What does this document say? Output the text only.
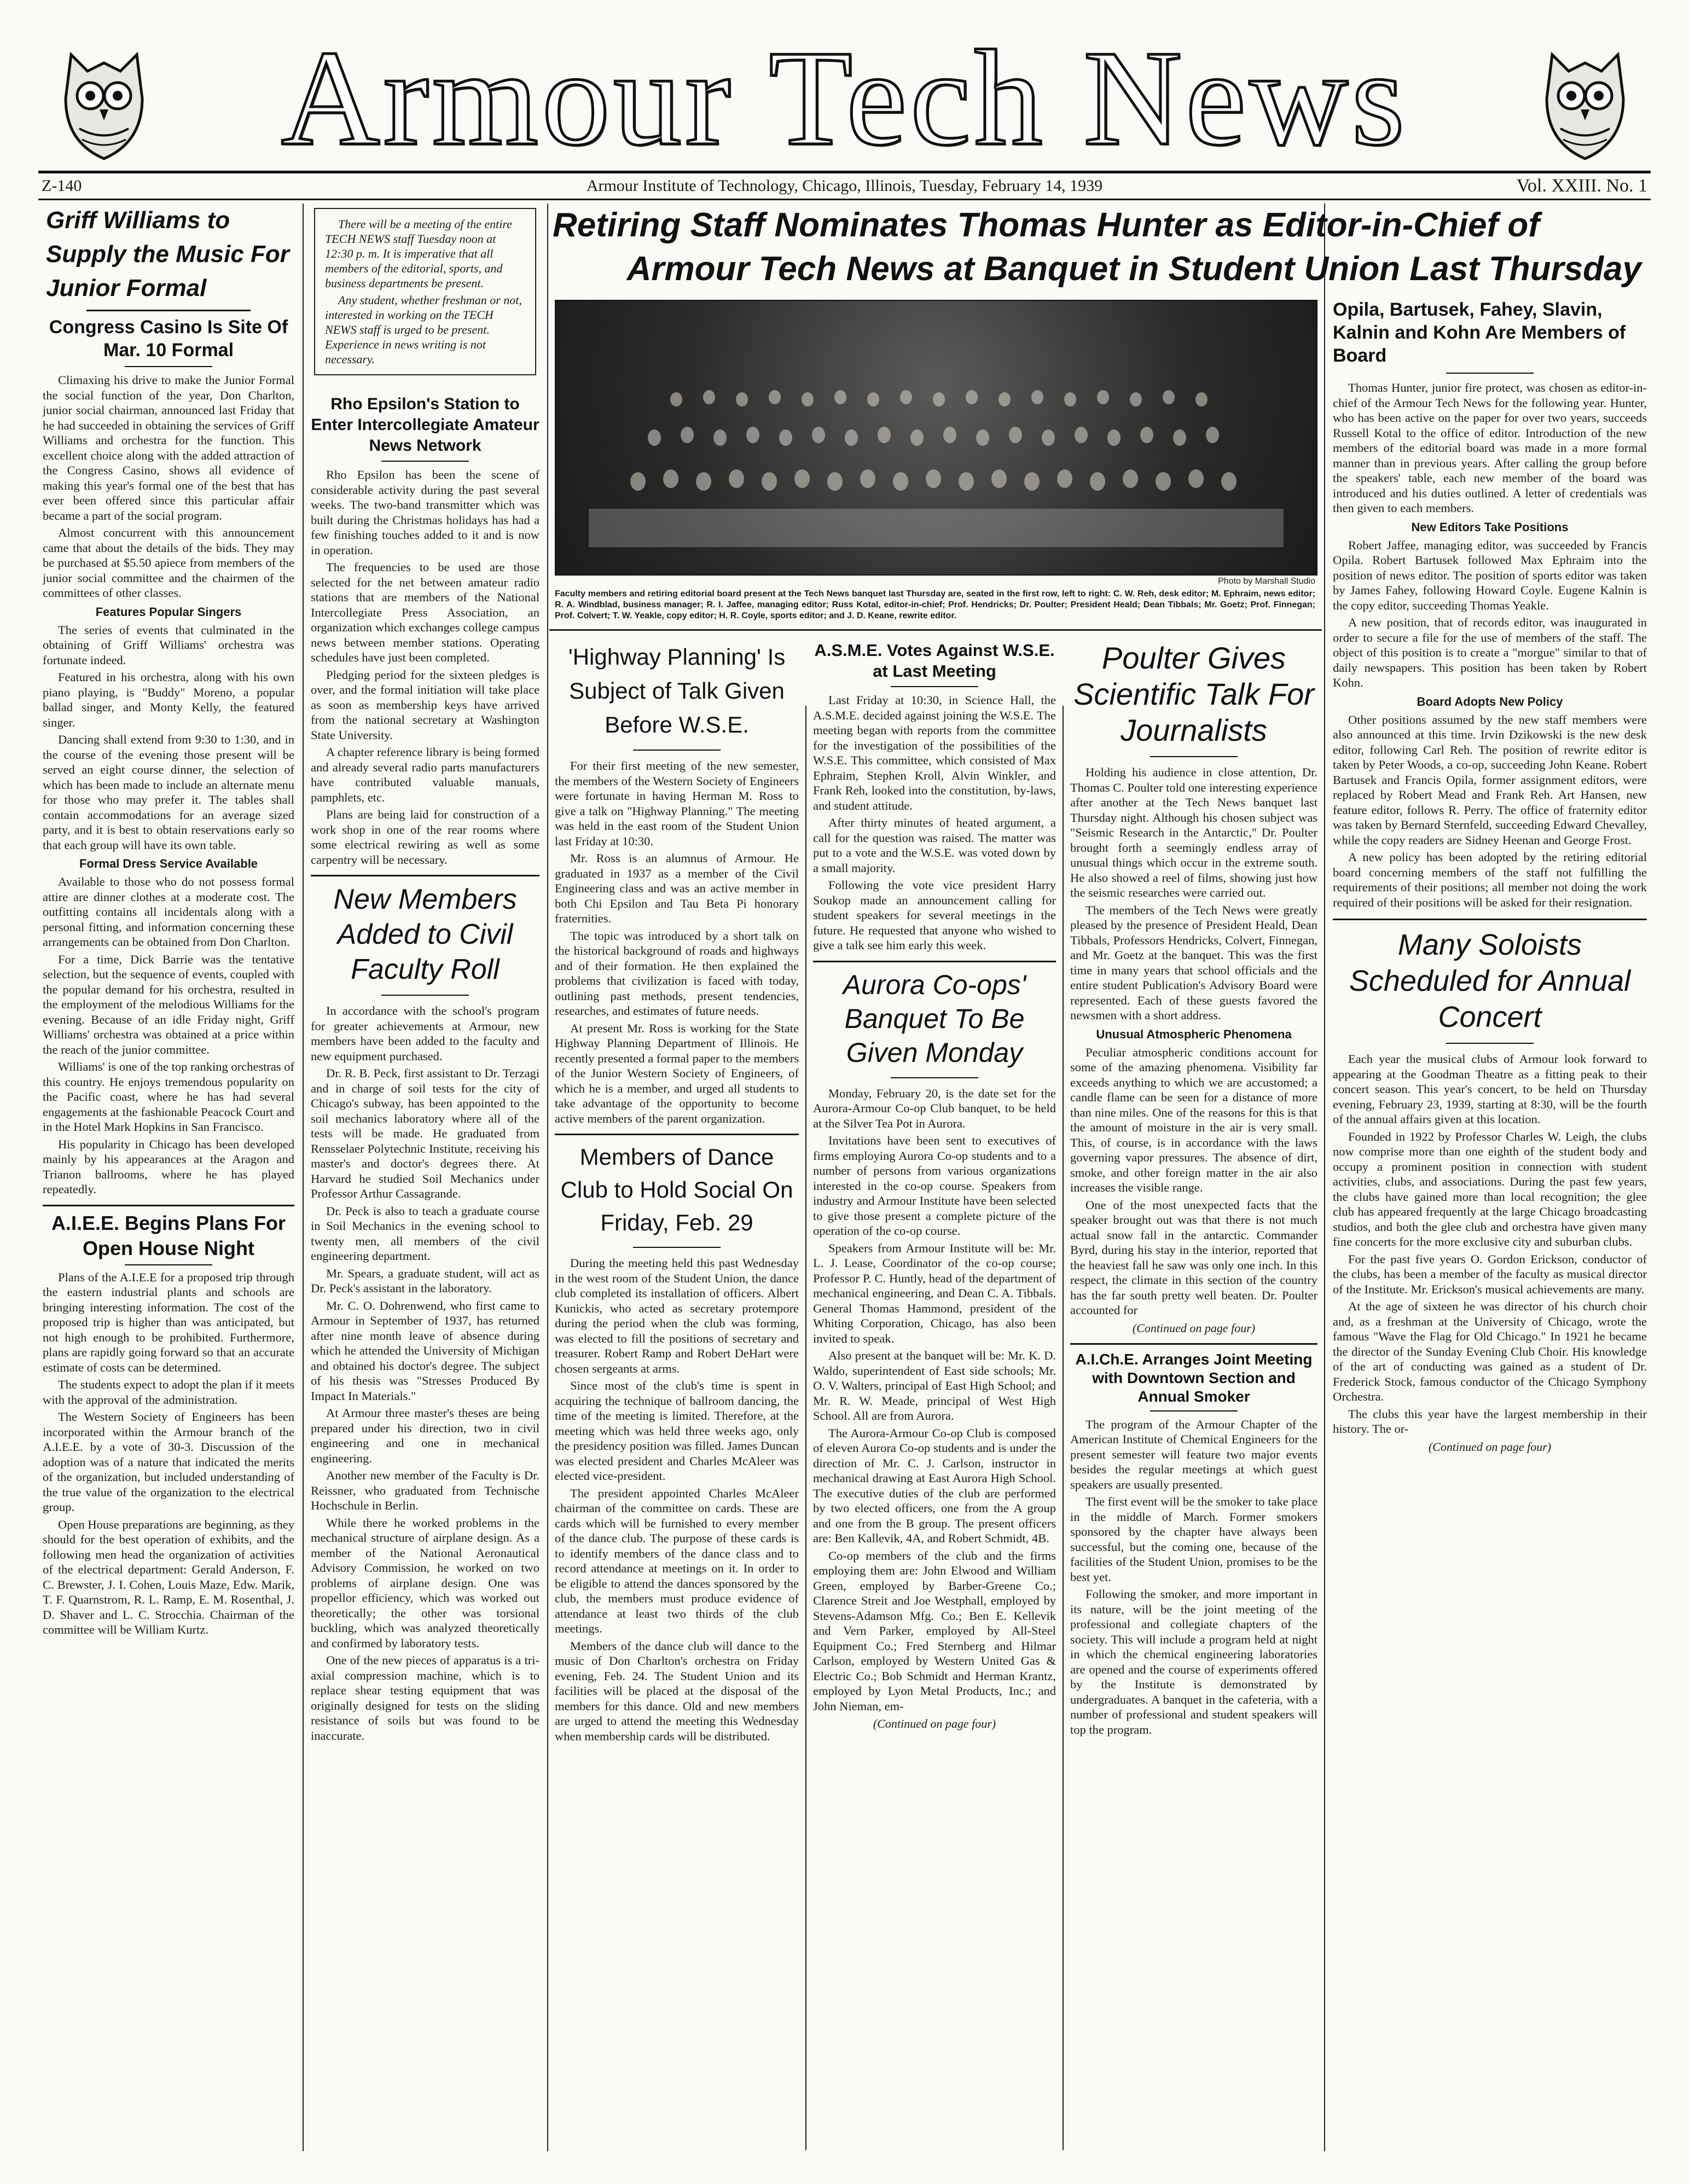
Armour Tech News
Z-140	Armour Institute of Technology, Chicago, Illinois, Tuesday, February 14, 1939	Vol. XXIII. No. 1
Griff Williams to Supply the Music For Junior Formal
Congress Casino Is Site Of Mar. 10 Formal

Climaxing his drive to make the Junior Formal the social function of the year, Don Charlton, junior social chairman, announced last Friday that he had succeeded in obtaining the services of Griff Williams and orchestra for the function. This excellent choice along with the added attraction of the Congress Casino, shows all evidence of making this year's formal one of the best that has ever been offered since this particular affair became a part of the social program.

Almost concurrent with this announcement came that about the details of the bids. They may be purchased at $5.50 apiece from members of the junior social committee and the chairmen of the committees of other classes.

Features Popular Singers

The series of events that culminated in the obtaining of Griff Williams' orchestra was fortunate indeed.

Featured in his orchestra, along with his own piano playing, is "Buddy" Moreno, a popular ballad singer, and Monty Kelly, the featured singer.

Dancing shall extend from 9:30 to 1:30, and in the course of the evening those present will be served an eight course dinner, the selection of which has been made to include an alternate menu for those who may prefer it. The tables shall contain accommodations for an average sized party, and it is best to obtain reservations early so that each group will have its own table.

Formal Dress Service Available

Available to those who do not possess formal attire are dinner clothes at a moderate cost. The outfitting contains all incidentals along with a personal fitting, and information concerning these arrangements can be obtained from Don Charlton.

For a time, Dick Barrie was the tentative selection, but the sequence of events, coupled with the popular demand for his orchestra, resulted in the employment of the melodious Williams for the evening. Because of an idle Friday night, Griff Williams' orchestra was obtained at a price within the reach of the junior committee.

Williams' is one of the top ranking orchestras of this country. He enjoys tremendous popularity on the Pacific coast, where he has had several engagements at the fashionable Peacock Court and in the Hotel Mark Hopkins in San Francisco.

His popularity in Chicago has been developed mainly by his appearances at the Aragon and Trianon ballrooms, where he has played repeatedly.

A.I.E.E. Begins Plans For Open House Night

Plans of the A.I.E.E for a proposed trip through the eastern industrial plants and schools are bringing interesting information. The cost of the proposed trip is higher than was anticipated, but not high enough to be prohibited. Furthermore, plans are rapidly going forward so that an accurate estimate of costs can be determined.

The students expect to adopt the plan if it meets with the approval of the administration.

The Western Society of Engineers has been incorporated within the Armour branch of the A.I.E.E. by a vote of 30-3. Discussion of the adoption was of a nature that indicated the merits of the organization, but included understanding of the true value of the organization to the electrical group.

Open House preparations are beginning, as they should for the best operation of exhibits, and the following men head the organization of activities of the electrical department: Gerald Anderson, F. C. Brewster, J. I. Cohen, Louis Maze, Edw. Marik, T. F. Quarnstrom, R. L. Ramp, E. M. Rosenthal, J. D. Shaver and L. C. Strocchia. Chairman of the committee will be William Kurtz.

There will be a meeting of the entire TECH NEWS staff Tuesday noon at 12:30 p. m. It is imperative that all members of the editorial, sports, and business departments be present.
Any student, whether freshman or not, interested in working on the TECH NEWS staff is urged to be present. Experience in news writing is not necessary.
Rho Epsilon's Station to Enter Intercollegiate Amateur News Network

Rho Epsilon has been the scene of considerable activity during the past several weeks. The two-band transmitter which was built during the Christmas holidays has had a few finishing touches added to it and is now in operation.

The frequencies to be used are those selected for the net between amateur radio stations that are members of the National Intercollegiate Press Association, an organization which exchanges college campus news between member stations. Operating schedules have just been completed.

Pledging period for the sixteen pledges is over, and the formal initiation will take place as soon as membership keys have arrived from the national secretary at Washington State University.

A chapter reference library is being formed and already several radio parts manufacturers have contributed valuable manuals, pamphlets, etc.

Plans are being laid for construction of a work shop in one of the rear rooms where some electrical rewiring as well as some carpentry will be necessary.

New Members Added to Civil Faculty Roll

In accordance with the school's program for greater achievements at Armour, new members have been added to the faculty and new equipment purchased.

Dr. R. B. Peck, first assistant to Dr. Terzagi and in charge of soil tests for the city of Chicago's subway, has been appointed to the soil mechanics laboratory where all of the tests will be made. He graduated from Rensselaer Polytechnic Institute, receiving his master's and doctor's degrees there. At Harvard he studied Soil Mechanics under Professor Arthur Cassagrande.

Dr. Peck is also to teach a graduate course in Soil Mechanics in the evening school to twenty men, all members of the civil engineering department.

Mr. Spears, a graduate student, will act as Dr. Peck's assistant in the laboratory.

Mr. C. O. Dohrenwend, who first came to Armour in September of 1937, has returned after nine month leave of absence during which he attended the University of Michigan and obtained his doctor's degree. The subject of his thesis was "Stresses Produced By Impact In Materials."

At Armour three master's theses are being prepared under his direction, two in civil engineering and one in mechanical engineering.

Another new member of the Faculty is Dr. Reissner, who graduated from Technische Hochschule in Berlin.

While there he worked problems in the mechanical structure of airplane design. As a member of the National Aeronautical Advisory Commission, he worked on two problems of airplane design. One was propellor efficiency, which was worked out theoretically; the other was torsional buckling, which was analyzed theoretically and confirmed by laboratory tests.

One of the new pieces of apparatus is a tri-axial compression machine, which is to replace shear testing equipment that was originally designed for tests on the sliding resistance of soils but was found to be inaccurate.

Retiring Staff Nominates Thomas Hunter as Editor-in-Chief of
Armour Tech News at Banquet in Student Union Last Thursday
Photo by Marshall Studio
Faculty members and retiring editorial board present at the Tech News banquet last Thursday are, seated in the first row, left to right: C. W. Reh, desk editor; M. Ephraim, news editor; R. A. Windblad, business manager; R. I. Jaffee, managing editor; Russ Kotal, editor-in-chief; Prof. Hendricks; Dr. Poulter; President Heald; Dean Tibbals; Mr. Goetz; Prof. Finnegan; Prof. Colvert; T. W. Yeakle, copy editor; H. R. Coyle, sports editor; and J. D. Keane, rewrite editor.
'Highway Planning' Is Subject of Talk Given Before W.S.E.

For their first meeting of the new semester, the members of the Western Society of Engineers were fortunate in having Herman M. Ross to give a talk on "Highway Planning." The meeting was held in the east room of the Student Union last Friday at 10:30.

Mr. Ross is an alumnus of Armour. He graduated in 1937 as a member of the Civil Engineering class and was an active member in both Chi Epsilon and Tau Beta Pi honorary fraternities.

The topic was introduced by a short talk on the historical background of roads and highways and of their formation. He then explained the problems that civilization is faced with today, outlining past methods, present tendencies, researches, and estimates of future needs.

At present Mr. Ross is working for the State Highway Planning Department of Illinois. He recently presented a formal paper to the members of the Junior Western Society of Engineers, of which he is a member, and urged all students to take advantage of the opportunity to become active members of the parent organization.

Members of Dance Club to Hold Social On Friday, Feb. 29

During the meeting held this past Wednesday in the west room of the Student Union, the dance club completed its installation of officers. Albert Kunickis, who acted as secretary protempore during the period when the club was forming, was elected to fill the positions of secretary and treasurer. Robert Ramp and Robert DeHart were chosen sergeants at arms.

Since most of the club's time is spent in acquiring the technique of ballroom dancing, the time of the meeting is limited. Therefore, at the meeting which was held three weeks ago, only the presidency position was filled. James Duncan was elected president and Charles McAleer was elected vice-president.

The president appointed Charles McAleer chairman of the committee on cards. These are cards which will be furnished to every member of the dance club. The purpose of these cards is to identify members of the dance class and to record attendance at meetings on it. In order to be eligible to attend the dances sponsored by the club, the members must produce evidence of attendance at least two thirds of the club meetings.

Members of the dance club will dance to the music of Don Charlton's orchestra on Friday evening, Feb. 24. The Student Union and its facilities will be placed at the disposal of the members for this dance. Old and new members are urged to attend the meeting this Wednesday when membership cards will be distributed.

A.S.M.E. Votes Against W.S.E. at Last Meeting

Last Friday at 10:30, in Science Hall, the A.S.M.E. decided against joining the W.S.E. The meeting began with reports from the committee for the investigation of the possibilities of the W.S.E. This committee, which consisted of Max Ephraim, Stephen Kroll, Alvin Winkler, and Frank Reh, looked into the constitution, by-laws, and student attitude.

After thirty minutes of heated argument, a call for the question was raised. The matter was put to a vote and the W.S.E. was voted down by a small majority.

Following the vote vice president Harry Soukop made an announcement calling for student speakers for several meetings in the future. He requested that anyone who wished to give a talk see him early this week.

Aurora Co-ops' Banquet To Be Given Monday

Monday, February 20, is the date set for the Aurora-Armour Co-op Club banquet, to be held at the Silver Tea Pot in Aurora.

Invitations have been sent to executives of firms employing Aurora Co-op students and to a number of persons from various organizations interested in the co-op course. Speakers from industry and Armour Institute have been selected to give those present a complete picture of the operation of the co-op course.

Speakers from Armour Institute will be: Mr. L. J. Lease, Coordinator of the co-op course; Professor P. C. Huntly, head of the department of mechanical engineering, and Dean C. A. Tibbals. General Thomas Hammond, president of the Whiting Corporation, Chicago, has also been invited to speak.

Also present at the banquet will be: Mr. K. D. Waldo, superintendent of East side schools; Mr. O. V. Walters, principal of East High School; and Mr. R. W. Meade, principal of West High School. All are from Aurora.

The Aurora-Armour Co-op Club is composed of eleven Aurora Co-op students and is under the direction of Mr. C. J. Carlson, instructor in mechanical drawing at East Aurora High School. The executive duties of the club are performed by two elected officers, one from the A group and one from the B group. The present officers are: Ben Kallevik, 4A, and Robert Schmidt, 4B.

Co-op members of the club and the firms employing them are: John Elwood and William Green, employed by Barber-Greene Co.; Clarence Streit and Joe Westphall, employed by Stevens-Adamson Mfg. Co.; Ben E. Kellevik and Vern Parker, employed by All-Steel Equipment Co.; Fred Sternberg and Hilmar Carlson, employed by Western United Gas & Electric Co.; Bob Schmidt and Herman Krantz, employed by Lyon Metal Products, Inc.; and John Nieman, em-

(Continued on page four)
Poulter Gives Scientific Talk For Journalists

Holding his audience in close attention, Dr. Thomas C. Poulter told one interesting experience after another at the Tech News banquet last Thursday night. Although his chosen subject was "Seismic Research in the Antarctic," Dr. Poulter brought forth a seemingly endless array of unusual things which occur in the extreme south. He also showed a reel of films, showing just how the seismic researches were carried out.

The members of the Tech News were greatly pleased by the presence of President Heald, Dean Tibbals, Professors Hendricks, Colvert, Finnegan, and Mr. Goetz at the banquet. This was the first time in many years that school officials and the entire student Publication's Advisory Board were represented. Each of these guests favored the newsmen with a short address.

Unusual Atmospheric Phenomena

Peculiar atmospheric conditions account for some of the amazing phenomena. Visibility far exceeds anything to which we are accustomed; a candle flame can be seen for a distance of more than nine miles. One of the reasons for this is that the amount of moisture in the air is very small. This, of course, is in accordance with the laws governing vapor pressures. The absence of dirt, smoke, and other foreign matter in the air also increases the visible range.

One of the most unexpected facts that the speaker brought out was that there is not much actual snow fall in the antarctic. Commander Byrd, during his stay in the interior, reported that the heaviest fall he saw was only one inch. In this respect, the climate in this section of the country has the far south pretty well beaten. Dr. Poulter accounted for

(Continued on page four)
A.I.Ch.E. Arranges Joint Meeting with Downtown Section and Annual Smoker

The program of the Armour Chapter of the American Institute of Chemical Engineers for the present semester will feature two major events besides the regular meetings at which guest speakers are usually presented.

The first event will be the smoker to take place in the middle of March. Former smokers sponsored by the chapter have always been successful, but the coming one, because of the facilities of the Student Union, promises to be the best yet.

Following the smoker, and more important in its nature, will be the joint meeting of the professional and collegiate chapters of the society. This will include a program held at night in which the chemical engineering laboratories are opened and the course of experiments offered by the Institute is demonstrated by undergraduates. A banquet in the cafeteria, with a number of professional and student speakers will top the program.

Opila, Bartusek, Fahey, Slavin, Kalnin and Kohn Are Members of Board

Thomas Hunter, junior fire protect, was chosen as editor-in-chief of the Armour Tech News for the following year. Hunter, who has been active on the paper for over two years, succeeds Russell Kotal to the office of editor. Introduction of the new members of the editorial board was made in a more formal manner than in previous years. After calling the group before the speakers' table, each new member of the board was introduced and his duties outlined. A letter of credentials was then given to each members.

New Editors Take Positions

Robert Jaffee, managing editor, was succeeded by Francis Opila. Robert Bartusek followed Max Ephraim into the position of news editor. The position of sports editor was taken by James Fahey, following Howard Coyle. Eugene Kalnin is the copy editor, succeeding Thomas Yeakle.

A new position, that of records editor, was inaugurated in order to secure a file for the use of members of the staff. The object of this position is to create a "morgue" similar to that of daily newspapers. This position has been taken by Robert Kohn.

Board Adopts New Policy

Other positions assumed by the new staff members were also announced at this time. Irvin Dzikowski is the new desk editor, following Carl Reh. The position of rewrite editor is taken by Peter Woods, a co-op, succeeding John Keane. Robert Bartusek and Francis Opila, former assignment editors, were replaced by Robert Mead and Frank Reh. Art Hansen, new feature editor, follows R. Perry. The office of fraternity editor was taken by Bernard Sternfeld, succeeding Edward Chevalley, while the copy readers are Sidney Heenan and George Frost.

A new policy has been adopted by the retiring editorial board concerning members of the staff not fulfilling the requirements of their positions; all member not doing the work required of their positions will be asked for their resignation.

Many Soloists Scheduled for Annual Concert

Each year the musical clubs of Armour look forward to appearing at the Goodman Theatre as a fitting peak to their concert season. This year's concert, to be held on Thursday evening, February 23, 1939, starting at 8:30, will be the fourth of the annual affairs given at this location.

Founded in 1922 by Professor Charles W. Leigh, the clubs now comprise more than one eighth of the student body and occupy a prominent position in connection with student activities, clubs, and associations. During the past few years, the clubs have gained more than local recognition; the glee club has appeared frequently at the large Chicago broadcasting studios, and both the glee club and orchestra have given many fine concerts for the more exclusive city and suburban clubs.

For the past five years O. Gordon Erickson, conductor of the clubs, has been a member of the faculty as musical director of the Institute. Mr. Erickson's musical achievements are many.

At the age of sixteen he was director of his church choir and, as a freshman at the University of Chicago, wrote the famous "Wave the Flag for Old Chicago." In 1921 he became the director of the Sunday Evening Club Choir. His knowledge of the art of conducting was gained as a student of Dr. Frederick Stock, famous conductor of the Chicago Symphony Orchestra.

The clubs this year have the largest membership in their history. The or-

(Continued on page four)
